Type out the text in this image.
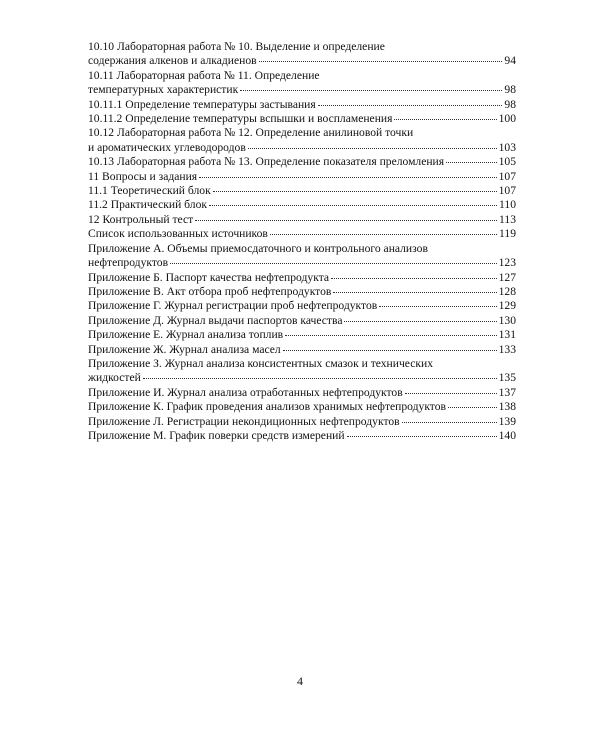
10.10 Лабораторная работа № 10. Выделение и определение
содержания алкенов и алкадиенов	94
10.11 Лабораторная работа № 11. Определение
температурных характеристик	98
10.11.1 Определение температуры застывания	98
10.11.2 Определение температуры вспышки и воспламенения	100
10.12 Лабораторная работа № 12. Определение анилиновой точки
и ароматических углеводородов	103
10.13 Лабораторная работа № 13. Определение показателя преломления	105
11 Вопросы и задания	107
11.1 Теоретический блок	107
11.2 Практический блок	110
12 Контрольный тест	113
Список использованных источников	119
Приложение А. Объемы приемосдаточного и контрольного анализов
нефтепродуктов	123
Приложение Б. Паспорт качества нефтепродукта	127
Приложение В. Акт отбора проб нефтепродуктов	128
Приложение Г. Журнал регистрации проб нефтепродуктов	129
Приложение Д. Журнал выдачи паспортов качества	130
Приложение Е. Журнал анализа топлив	131
Приложение Ж. Журнал анализа масел	133
Приложение З. Журнал анализа консистентных смазок и технических
жидкостей	135
Приложение И. Журнал анализа отработанных нефтепродуктов	137
Приложение К. График проведения анализов хранимых нефтепродуктов	138
Приложение Л. Регистрации некондиционных нефтепродуктов	139
Приложение М. График поверки средств измерений	140
4
